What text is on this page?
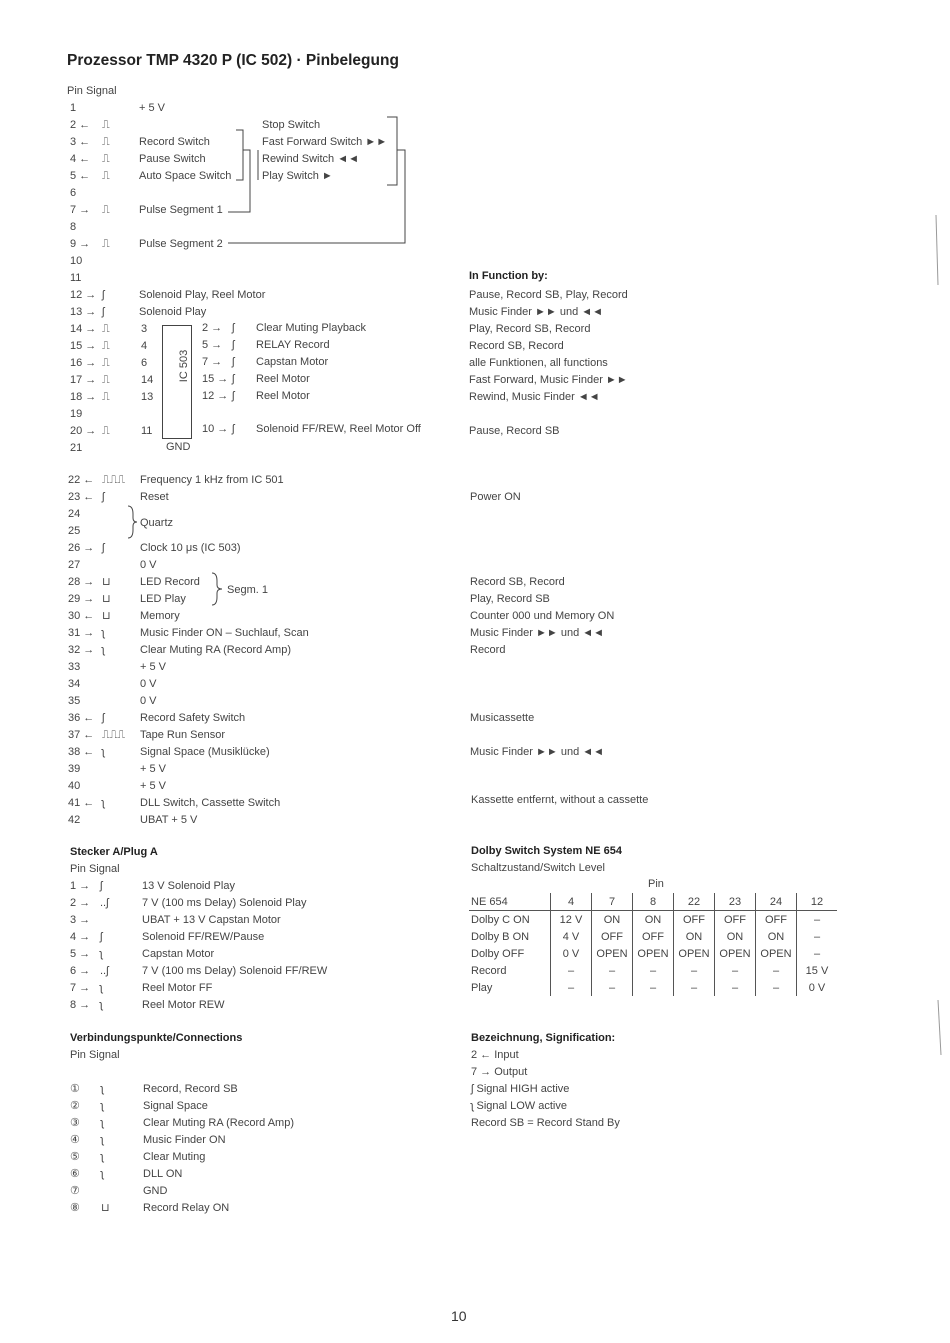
Prozessor TMP 4320 P (IC 502) · Pinbelegung
Pin Signal
In Function by:
1	+ 5 V
2 ← ⎍
3 ← ⎍	Record Switch
4 ← ⎍	Pause Switch
5 ← ⎍	Auto Space Switch
6
7 → ⎍	Pulse Segment 1
8
9 → ⎍	Pulse Segment 2
10
11
12 → ʃ	Solenoid Play, Reel Motor	Pause, Record SB, Play, Record
13 → ʃ	Solenoid Play	Music Finder ►► und ◄◄
14 → ⎍	3	Play, Record SB, Record
15 → ⎍	4	Record SB, Record
16 → ⎍	6	alle Funktionen, all functions
17 → ⎍	14	Fast Forward, Music Finder ►►
18 → ⎍	13	Rewind, Music Finder ◄◄
19
20 → ⎍	11	Pause, Record SB
21	GND
Stop Switch
Fast Forward Switch ►►
Rewind Switch ◄◄
Play Switch ►
IC 503
2 → ʃ Clear Muting Playback
5 → ʃ RELAY Record
7 → ʃ Capstan Motor
15 → ʃ Reel Motor
12 → ʃ Reel Motor
10 → ʃ Solenoid FF/REW, Reel Motor Off
22 ← ⎍⎍⎍ Frequency 1 kHz from IC 501
23 ← ʃ	Reset	Power ON
24
25
26 → ʃ	Clock 10 μs (IC 503)
27	0 V
28 → ⊔	LED Record	Record SB, Record
29 → ⊔	LED Play	Play, Record SB
30 ← ⊔	Memory	Counter 000 und Memory ON
31 → ʅ	Music Finder ON – Suchlauf, Scan	Music Finder ►► und ◄◄
32 → ʅ	Clear Muting RA (Record Amp)	Record
33	+ 5 V
34	0 V
35	0 V
36 ← ʃ	Record Safety Switch	Musicassette
37 ← ⎍⎍⎍ Tape Run Sensor
38 ← ʅ	Signal Space (Musiklücke)	Music Finder ►► und ◄◄
39	+ 5 V
40	+ 5 V
41 ← ʅ	DLL Switch, Cassette Switch
42	UBAT + 5 V
Quartz
Segm. 1
Kassette entfernt, without a cassette
Stecker A/Plug A
Pin Signal
1 → ʃ	13 V Solenoid Play
2 → ..ʃ	7 V (100 ms Delay) Solenoid Play
3 →	UBAT + 13 V Capstan Motor
4 → ʃ	Solenoid FF/REW/Pause
5 → ʅ	Capstan Motor
6 → ..ʃ	7 V (100 ms Delay) Solenoid FF/REW
7 → ʅ	Reel Motor FF
8 → ʅ	Reel Motor REW
Verbindungspunkte/Connections
Pin Signal
① ʅ	Record, Record SB
② ʅ	Signal Space
③ ʅ	Clear Muting RA (Record Amp)
④ ʅ	Music Finder ON
⑤ ʅ	Clear Muting
⑥ ʅ	DLL ON
⑦	GND
⑧ ⊔	Record Relay ON
Dolby Switch System NE 654
Schaltzustand/Switch Level
Pin
NE 654	4	7	8	22	23	24	12
Dolby C ON	12 V	ON	ON	OFF	OFF	OFF	–
Dolby B ON	4 V	OFF	OFF	ON	ON	ON	–
Dolby OFF	0 V	OPEN	OPEN	OPEN	OPEN	OPEN	–
Record	–	–	–	–	–	–	15 V
Play	–	–	–	–	–	–	0 V
Bezeichnung, Signification:
2 ← Input
7 → Output
ʃ Signal HIGH active
ʅ Signal LOW active
Record SB = Record Stand By
10
